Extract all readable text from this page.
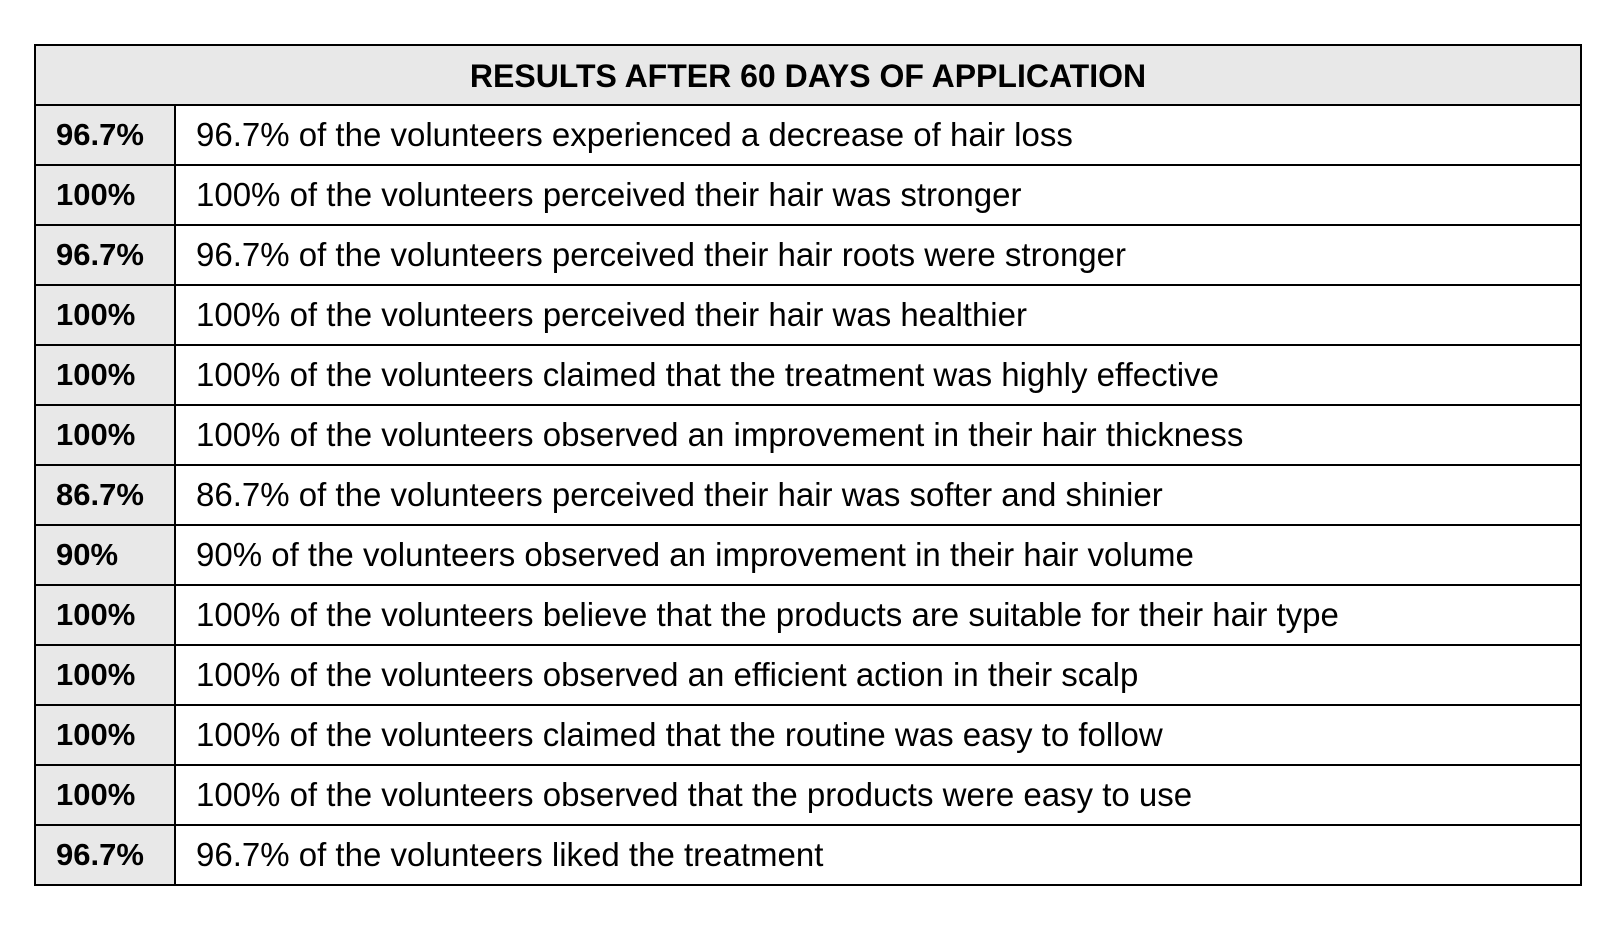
RESULTS AFTER 60 DAYS OF APPLICATION	
96.7%	96.7% of the volunteers experienced a decrease of hair loss
100%	100% of the volunteers perceived their hair was stronger
96.7%	96.7% of the volunteers perceived their hair roots were stronger
100%	100% of the volunteers perceived their hair was healthier
100%	100% of the volunteers claimed that the treatment was highly effective
100%	100% of the volunteers observed an improvement in their hair thickness
86.7%	86.7% of the volunteers perceived their hair was softer and shinier
90%	90% of the volunteers observed an improvement in their hair volume
100%	100% of the volunteers believe that the products are suitable for their hair type
100%	100% of the volunteers observed an efficient action in their scalp
100%	100% of the volunteers claimed that the routine was easy to follow
100%	100% of the volunteers observed that the products were easy to use
96.7%	96.7% of the volunteers liked the treatment
